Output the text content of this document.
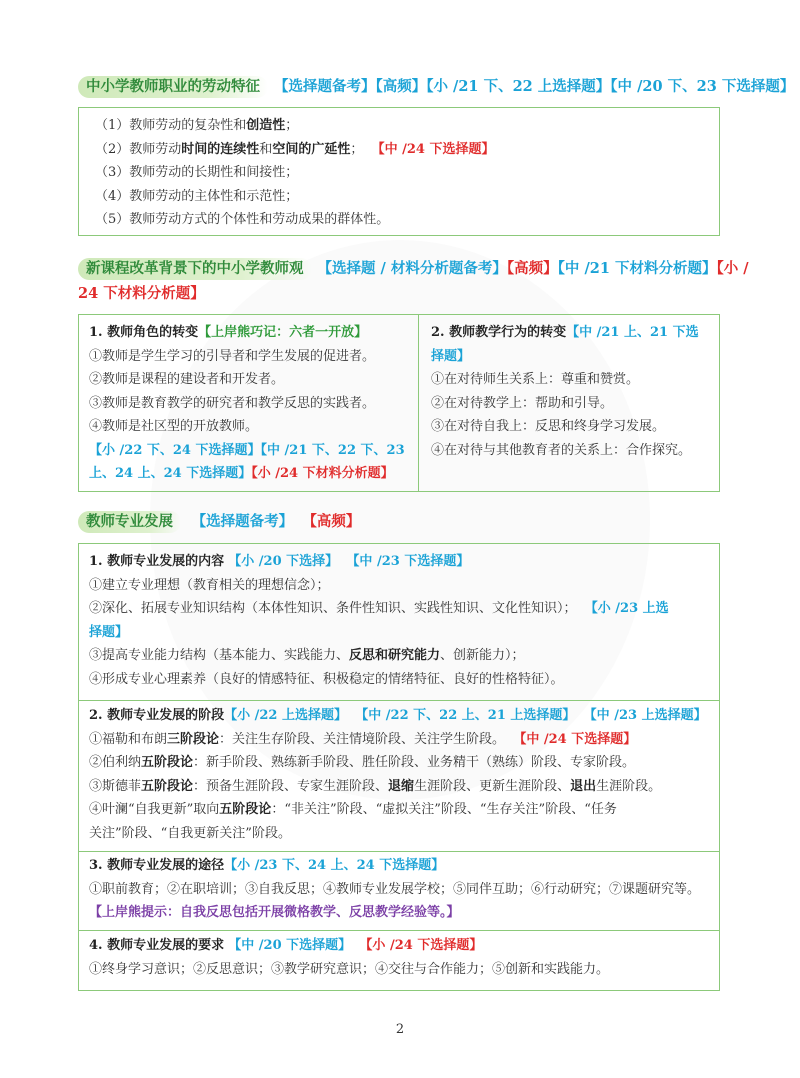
中小学教师职业的劳动特征 【选择题备考】【高频】【小 /21 下、22 上选择题】【中 /20 下、23 下选择题】
（1）教师劳动的复杂性和创造性；
（2）教师劳动时间的连续性和空间的广延性； 【中 /24 下选择题】
（3）教师劳动的长期性和间接性；
（4）教师劳动的主体性和示范性；
（5）教师劳动方式的个体性和劳动成果的群体性。
新课程改革背景下的中小学教师观 【选择题 / 材料分析题备考】【高频】【中 /21 下材料分析题】【小 /
24 下材料分析题】
1. 教师角色的转变【上岸熊巧记：六者一开放】
①教师是学生学习的引导者和学生发展的促进者。
②教师是课程的建设者和开发者。
③教师是教育教学的研究者和教学反思的实践者。
④教师是社区型的开放教师。
【小 /22 下、24 下选择题】【中 /21 下、22 下、23
上、24 上、24 下选择题】【小 /24 下材料分析题】
2. 教师教学行为的转变【中 /21 上、21 下选
择题】
①在对待师生关系上：尊重和赞赏。
②在对待教学上：帮助和引导。
③在对待自我上：反思和终身学习发展。
④在对待与其他教育者的关系上：合作探究。
教师专业发展 【选择题备考】 【高频】
1. 教师专业发展的内容 【小 /20 下选择】 【中 /23 下选择题】
①建立专业理想（教育相关的理想信念）；
②深化、拓展专业知识结构（本体性知识、条件性知识、实践性知识、文化性知识）； 【小 /23 上选
择题】
③提高专业能力结构（基本能力、实践能力、反思和研究能力、创新能力）；
④形成专业心理素养（良好的情感特征、积极稳定的情绪特征、良好的性格特征）。
2. 教师专业发展的阶段【小 /22 上选择题】 【中 /22 下、22 上、21 上选择题】 【中 /23 上选择题】
①福勒和布朗三阶段论：关注生存阶段、关注情境阶段、关注学生阶段。 【中 /24 下选择题】
②伯利纳五阶段论：新手阶段、熟练新手阶段、胜任阶段、业务精干（熟练）阶段、专家阶段。
③斯德菲五阶段论：预备生涯阶段、专家生涯阶段、退缩生涯阶段、更新生涯阶段、退出生涯阶段。
④叶澜“自我更新”取向五阶段论：“非关注”阶段、“虚拟关注”阶段、“生存关注”阶段、“任务
关注”阶段、“自我更新关注”阶段。
3. 教师专业发展的途径【小 /23 下、24 上、24 下选择题】
①职前教育；②在职培训；③自我反思；④教师专业发展学校；⑤同伴互助；⑥行动研究；⑦课题研究等。
【上岸熊提示：自我反思包括开展微格教学、反思教学经验等。】
4. 教师专业发展的要求 【中 /20 下选择题】 【小 /24 下选择题】
①终身学习意识；②反思意识；③教学研究意识；④交往与合作能力；⑤创新和实践能力。
2
